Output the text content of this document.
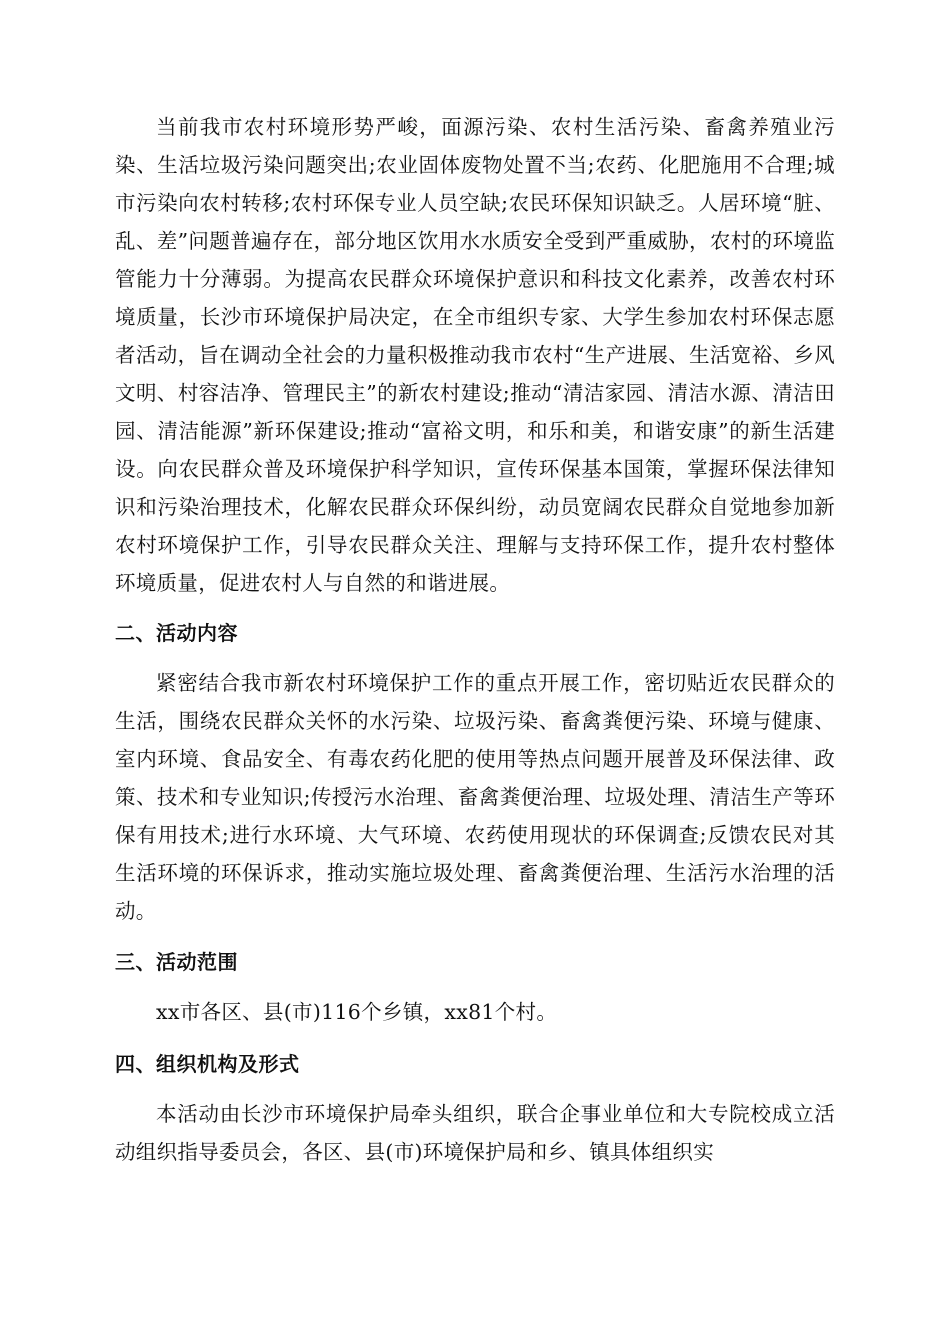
当前我市农村环境形势严峻，面源污染、农村生活污染、畜禽养殖业污染、生活垃圾污染问题突出;农业固体废物处置不当;农药、化肥施用不合理;城市污染向农村转移;农村环保专业人员空缺;农民环保知识缺乏。人居环境“脏、乱、差”问题普遍存在，部分地区饮用水水质安全受到严重威胁，农村的环境监管能力十分薄弱。为提高农民群众环境保护意识和科技文化素养，改善农村环境质量，长沙市环境保护局决定，在全市组织专家、大学生参加农村环保志愿者活动，旨在调动全社会的力量积极推动我市农村“生产进展、生活宽裕、乡风文明、村容洁净、管理民主”的新农村建设;推动“清洁家园、清洁水源、清洁田园、清洁能源”新环保建设;推动“富裕文明，和乐和美，和谐安康”的新生活建设。向农民群众普及环境保护科学知识，宣传环保基本国策，掌握环保法律知识和污染治理技术，化解农民群众环保纠纷，动员宽阔农民群众自觉地参加新农村环境保护工作，引导农民群众关注、理解与支持环保工作，提升农村整体环境质量，促进农村人与自然的和谐进展。

二、活动内容

紧密结合我市新农村环境保护工作的重点开展工作，密切贴近农民群众的生活，围绕农民群众关怀的水污染、垃圾污染、畜禽粪便污染、环境与健康、室内环境、食品安全、有毒农药化肥的使用等热点问题开展普及环保法律、政策、技术和专业知识;传授污水治理、畜禽粪便治理、垃圾处理、清洁生产等环保有用技术;进行水环境、大气环境、农药使用现状的环保调查;反馈农民对其生活环境的环保诉求，推动实施垃圾处理、畜禽粪便治理、生活污水治理的活动。

三、活动范围

xx市各区、县(市)116个乡镇，xx81个村。

四、组织机构及形式

本活动由长沙市环境保护局牵头组织，联合企事业单位和大专院校成立活动组织指导委员会，各区、县(市)环境保护局和乡、镇具体组织实
